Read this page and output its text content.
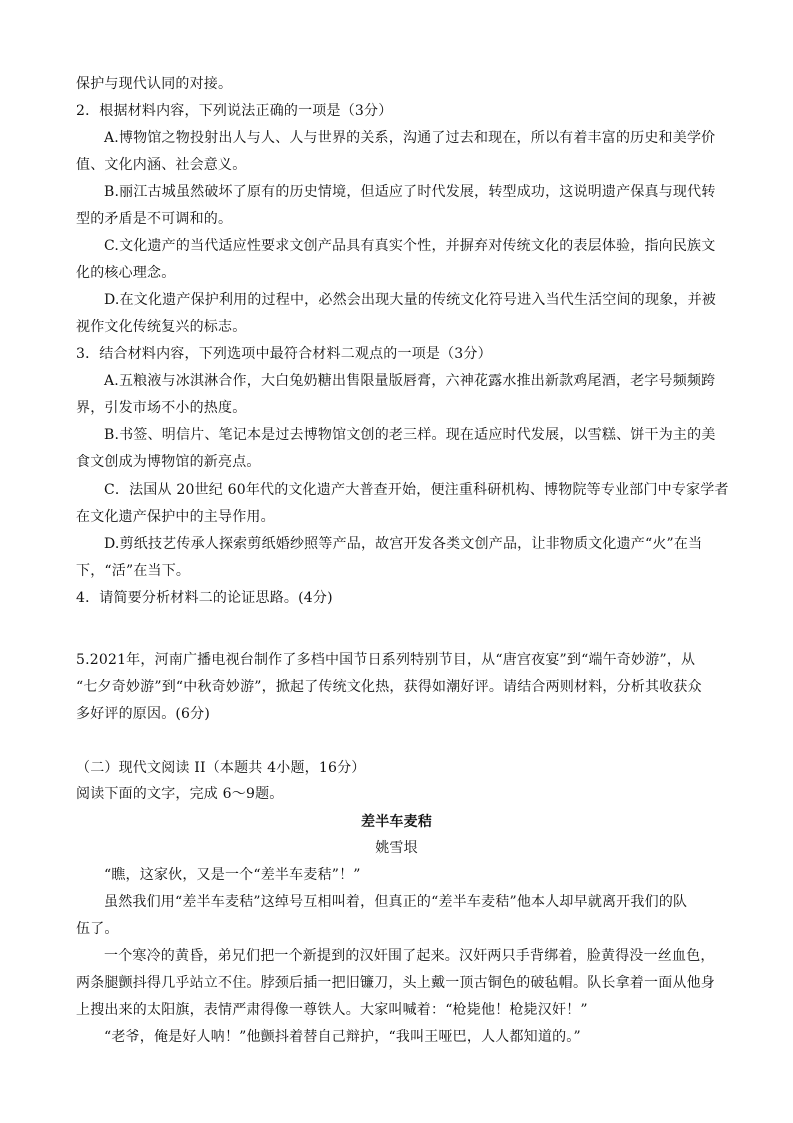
保护与现代认同的对接。
2．根据材料内容，下列说法正确的一项是（3分）
A.博物馆之物投射出人与人、人与世界的关系，沟通了过去和现在，所以有着丰富的历史和美学价
值、文化内涵、社会意义。
B.丽江古城虽然破坏了原有的历史情境，但适应了时代发展，转型成功，这说明遗产保真与现代转
型的矛盾是不可调和的。
C.文化遗产的当代适应性要求文创产品具有真实个性，并摒弃对传统文化的表层体验，指向民族文
化的核心理念。
D.在文化遗产保护利用的过程中，必然会出现大量的传统文化符号进入当代生活空间的现象，并被
视作文化传统复兴的标志。
3．结合材料内容，下列选项中最符合材料二观点的一项是（3分）
A.五粮液与冰淇淋合作，大白兔奶糖出售限量版唇膏，六神花露水推出新款鸡尾酒，老字号频频跨
界，引发市场不小的热度。
B.书签、明信片、笔记本是过去博物馆文创的老三样。现在适应时代发展，以雪糕、饼干为主的美
食文创成为博物馆的新亮点。
C．法国从 20世纪 60年代的文化遗产大普查开始，便注重科研机构、博物院等专业部门中专家学者
在文化遗产保护中的主导作用。
D.剪纸技艺传承人探索剪纸婚纱照等产品，故宫开发各类文创产品，让非物质文化遗产“火”在当
下，“活”在当下。
4．请简要分析材料二的论证思路。(4分)
5.2021年，河南广播电视台制作了多档中国节日系列特别节目，从“唐宫夜宴”到“端午奇妙游”，从
“七夕奇妙游”到“中秋奇妙游”，掀起了传统文化热，获得如潮好评。请结合两则材料，分析其收获众
多好评的原因。(6分)
（二）现代文阅读 II（本题共 4小题，16分）
阅读下面的文字，完成 6～9题。
差半车麦秸
姚雪垠
“瞧，这家伙，又是一个“差半车麦秸”！”
虽然我们用“差半车麦秸”这绰号互相叫着，但真正的“差半车麦秸”他本人却早就离开我们的队
伍了。
一个寒冷的黄昏，弟兄们把一个新提到的汉奸围了起来。汉奸两只手背绑着，脸黄得没一丝血色，
两条腿颤抖得几乎站立不住。脖颈后插一把旧镰刀，头上戴一顶古铜色的破毡帽。队长拿着一面从他身
上搜出来的太阳旗，表情严肃得像一尊铁人。大家叫喊着：“枪毙他！枪毙汉奸！”
“老爷，俺是好人呐！”他颤抖着替自己辩护，“我叫王哑巴，人人都知道的。”
